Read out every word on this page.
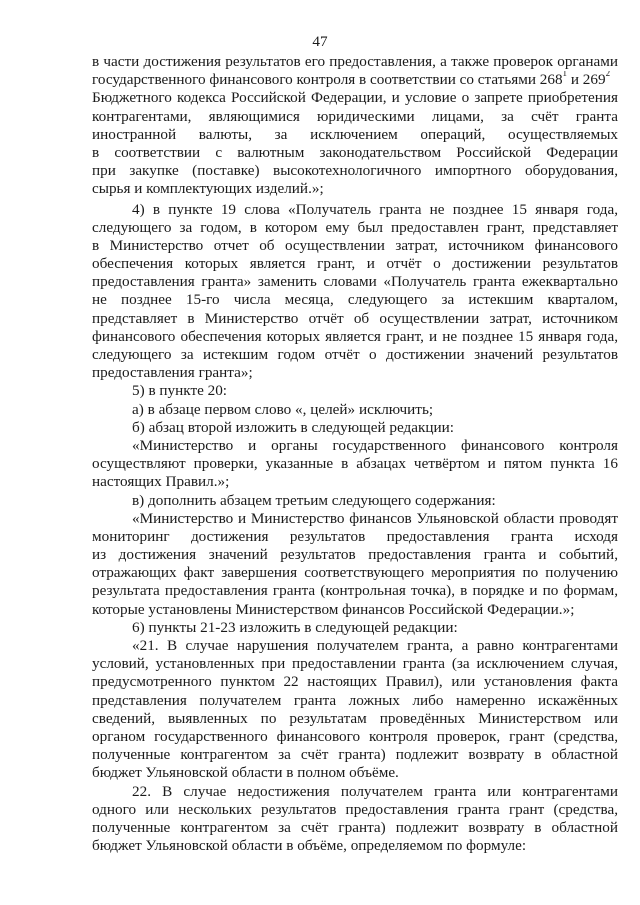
47
в части достижения результатов его предоставления, а также проверок органами
государственного финансового контроля в соответствии со статьями $268^1$ и $269^2$
Бюджетного кодекса Российской Федерации, и условие о запрете приобретения
контрагентами, являющимися юридическими лицами, за счёт гранта
иностранной валюты, за исключением операций, осуществляемых
в соответствии с валютным законодательством Российской Федерации
при закупке (поставке) высокотехнологичного импортного оборудования,
сырья и комплектующих изделий.»;
4) в пункте 19 слова «Получатель гранта не позднее 15 января года,
следующего за годом, в котором ему был предоставлен грант, представляет
в Министерство отчет об осуществлении затрат, источником финансового
обеспечения которых является грант, и отчёт о достижении результатов
предоставления гранта» заменить словами «Получатель гранта ежеквартально
не позднее 15-го числа месяца, следующего за истекшим кварталом,
представляет в Министерство отчёт об осуществлении затрат, источником
финансового обеспечения которых является грант, и не позднее 15 января года,
следующего за истекшим годом отчёт о достижении значений результатов
предоставления гранта»;
5) в пункте 20:
а) в абзаце первом слово «, целей» исключить;
б) абзац второй изложить в следующей редакции:
«Министерство и органы государственного финансового контроля
осуществляют проверки, указанные в абзацах четвёртом и пятом пункта 16
настоящих Правил.»;
в) дополнить абзацем третьим следующего содержания:
«Министерство и Министерство финансов Ульяновской области проводят
мониторинг достижения результатов предоставления гранта исходя
из достижения значений результатов предоставления гранта и событий,
отражающих факт завершения соответствующего мероприятия по получению
результата предоставления гранта (контрольная точка), в порядке и по формам,
которые установлены Министерством финансов Российской Федерации.»;
6) пункты 21-23 изложить в следующей редакции:
«21. В случае нарушения получателем гранта, а равно контрагентами
условий, установленных при предоставлении гранта (за исключением случая,
предусмотренного пунктом 22 настоящих Правил), или установления факта
представления получателем гранта ложных либо намеренно искажённых
сведений, выявленных по результатам проведённых Министерством или
органом государственного финансового контроля проверок, грант (средства,
полученные контрагентом за счёт гранта) подлежит возврату в областной
бюджет Ульяновской области в полном объёме.
22. В случае недостижения получателем гранта или контрагентами
одного или нескольких результатов предоставления гранта грант (средства,
полученные контрагентом за счёт гранта) подлежит возврату в областной
бюджет Ульяновской области в объёме, определяемом по формуле:
